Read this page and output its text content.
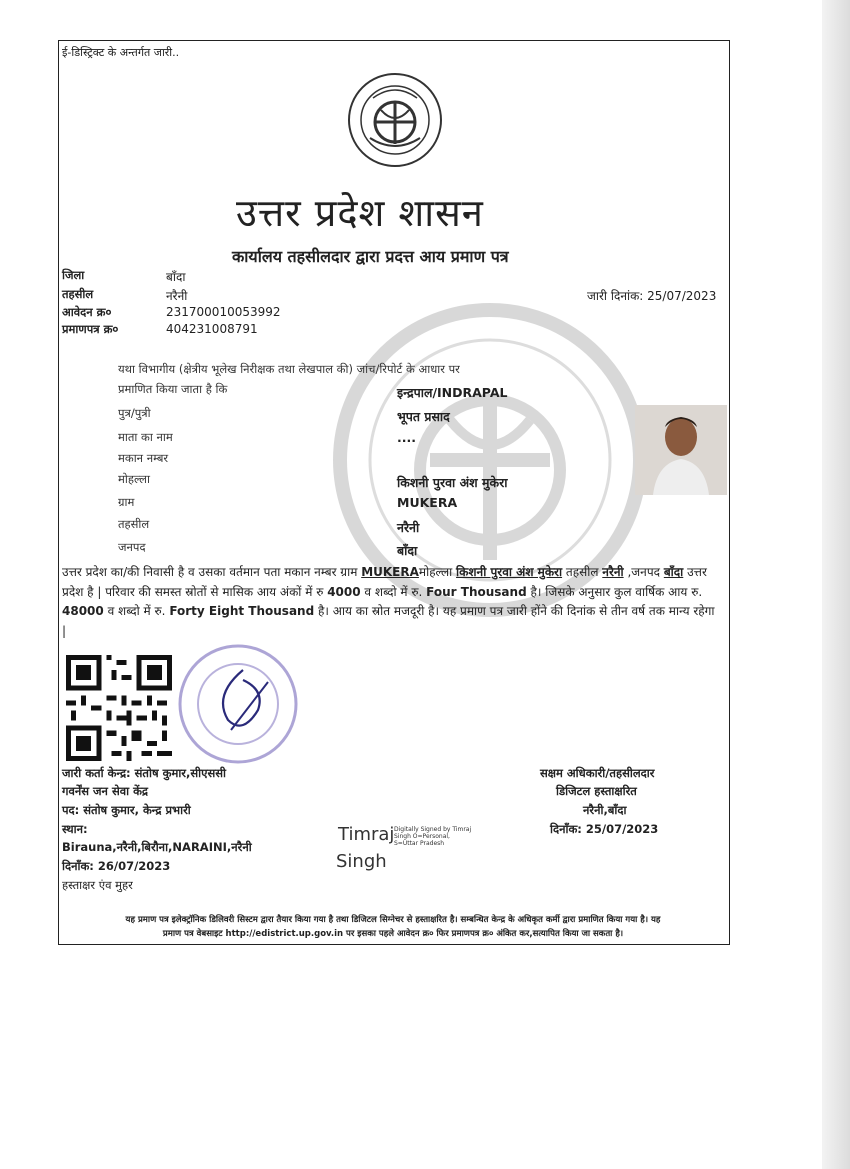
ई-डिस्ट्रिक्ट के अन्तर्गत जारी..
उत्तर प्रदेश शासन
कार्यालय तहसीलदार द्वारा प्रदत्त आय प्रमाण पत्र
जिला	बाँदा
तहसील	नरैनी
आवेदन क्र०	231700010053992
प्रमाणपत्र क्र०	404231008791
जारी दिनांक: 25/07/2023
यथा विभागीय (क्षेत्रीय भूलेख निरीक्षक तथा लेखपाल की) जांच/रिपोर्ट के आधार पर
प्रमाणित किया जाता है कि	इन्द्रपाल/INDRAPAL
पुत्र/पुत्री	भूपत प्रसाद
माता का नाम	....
मकान नम्बर
मोहल्ला	किशनी पुरवा अंश मुकेरा
ग्राम	MUKERA
तहसील	नरैनी
जनपद	बाँदा
उत्तर प्रदेश का/की निवासी है व उसका वर्तमान पता मकान नम्बर ग्राम MUKERAमोहल्ला किशनी पुरवा अंश मुकेरा तहसील नरैनी ,जनपद बाँदा उत्तर प्रदेश है | परिवार की समस्त स्रोतों से मासिक आय अंकों में रु 4000 व शब्दो में रु. Four Thousand है। जिसके अनुसार कुल वार्षिक आय रु. 48000 व शब्दो में रु. Forty Eight Thousand है। आय का स्रोत मजदूरी है। यह प्रमाण पत्र जारी होंने की दिनांक से तीन वर्ष तक मान्य रहेगा |
जारी कर्ता केन्द्र: संतोष कुमार,सीएससी
गवर्नेंस जन सेवा केंद्र
पद: संतोष कुमार, केन्द्र प्रभारी
स्थान:
Birauna,नरैनी,बिरौना,NARAINI,नरैनी
दिनाँक: 26/07/2023
हस्ताक्षर एंव मुहर
Timraj
Singh
Digitally Signed by Timraj
Singh O=Personal,
S=Uttar Pradesh
सक्षम अधिकारी/तहसीलदार
डिजिटल हस्ताक्षरित
नरैनी,बाँदा
दिनाँक: 25/07/2023
यह प्रमाण पत्र इलेक्ट्रॉनिक डिलिवरी सिस्टम द्वारा तैयार किया गया है तथा डिजिटल सिग्नेचर से हस्ताक्षरित है। सम्बन्धित केन्द्र के अधिकृत कर्मी द्वारा प्रमाणित किया गया है। यह
प्रमाण पत्र वेबसाइट http://edistrict.up.gov.in पर इसका पहले आवेदन क्र० फिर प्रमाणपत्र क्र० अंकित कर,सत्यापित किया जा सकता है।
